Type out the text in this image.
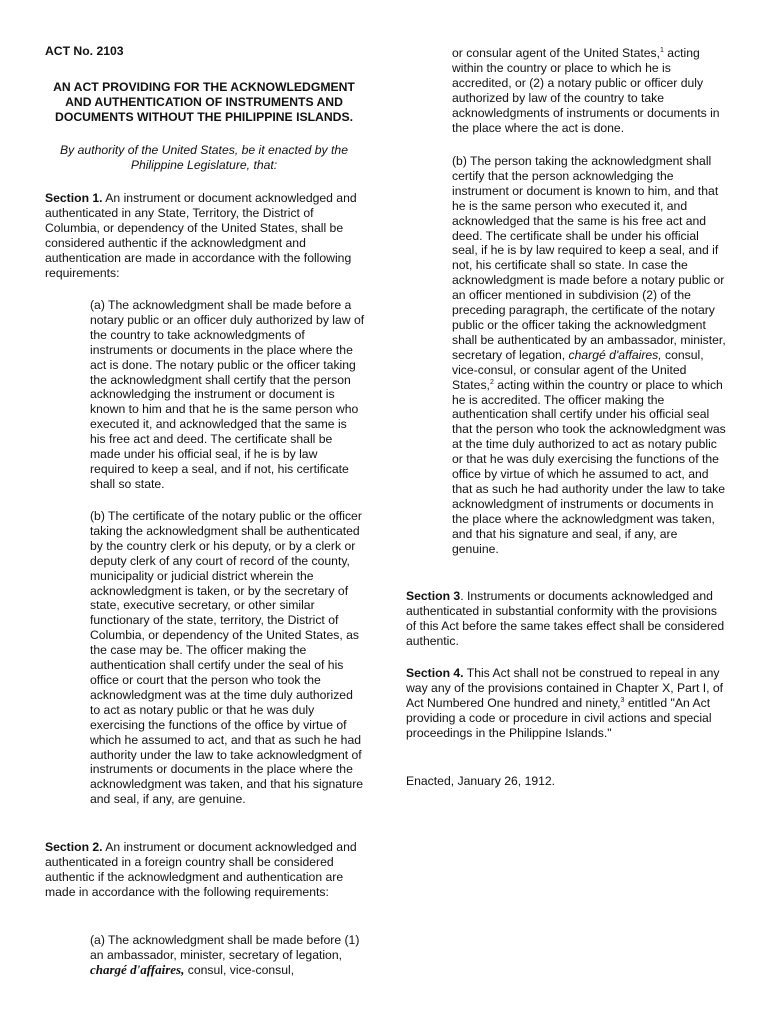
ACT No. 2103
AN ACT PROVIDING FOR THE ACKNOWLEDGMENT AND AUTHENTICATION OF INSTRUMENTS AND DOCUMENTS WITHOUT THE PHILIPPINE ISLANDS.
By authority of the United States, be it enacted by the Philippine Legislature, that:

Section 1. An instrument or document acknowledged and authenticated in any State, Territory, the District of Columbia, or dependency of the United States, shall be considered authentic if the acknowledgment and authentication are made in accordance with the following requirements:

(a) The acknowledgment shall be made before a notary public or an officer duly authorized by law of the country to take acknowledgments of instruments or documents in the place where the act is done. The notary public or the officer taking the acknowledgment shall certify that the person acknowledging the instrument or document is known to him and that he is the same person who executed it, and acknowledged that the same is his free act and deed. The certificate shall be made under his official seal, if he is by law required to keep a seal, and if not, his certificate shall so state.

(b) The certificate of the notary public or the officer taking the acknowledgment shall be authenticated by the country clerk or his deputy, or by a clerk or deputy clerk of any court of record of the county, municipality or judicial district wherein the acknowledgment is taken, or by the secretary of state, executive secretary, or other similar functionary of the state, territory, the District of Columbia, or dependency of the United States, as the case may be. The officer making the authentication shall certify under the seal of his office or court that the person who took the acknowledgment was at the time duly authorized to act as notary public or that he was duly exercising the functions of the office by virtue of which he assumed to act, and that as such he had authority under the law to take acknowledgment of instruments or documents in the place where the acknowledgment was taken, and that his signature and seal, if any, are genuine.

Section 2. An instrument or document acknowledged and authenticated in a foreign country shall be considered authentic if the acknowledgment and authentication are made in accordance with the following requirements:

(a) The acknowledgment shall be made before (1) an ambassador, minister, secretary of legation, chargé d'affaires, consul, vice-consul,

or consular agent of the United States,$^1$ acting within the country or place to which he is accredited, or (2) a notary public or officer duly authorized by law of the country to take acknowledgments of instruments or documents in the place where the act is done.

(b) The person taking the acknowledgment shall certify that the person acknowledging the instrument or document is known to him, and that he is the same person who executed it, and acknowledged that the same is his free act and deed. The certificate shall be under his official seal, if he is by law required to keep a seal, and if not, his certificate shall so state. In case the acknowledgment is made before a notary public or an officer mentioned in subdivision (2) of the preceding paragraph, the certificate of the notary public or the officer taking the acknowledgment shall be authenticated by an ambassador, minister, secretary of legation, chargé d'affaires, consul, vice-consul, or consular agent of the United States,$^2$ acting within the country or place to which he is accredited. The officer making the authentication shall certify under his official seal that the person who took the acknowledgment was at the time duly authorized to act as notary public or that he was duly exercising the functions of the office by virtue of which he assumed to act, and that as such he had authority under the law to take acknowledgment of instruments or documents in the place where the acknowledgment was taken, and that his signature and seal, if any, are genuine.

Section 3. Instruments or documents acknowledged and authenticated in substantial conformity with the provisions of this Act before the same takes effect shall be considered authentic.

Section 4. This Act shall not be construed to repeal in any way any of the provisions contained in Chapter X, Part I, of Act Numbered One hundred and ninety,$^3$ entitled "An Act providing a code or procedure in civil actions and special proceedings in the Philippine Islands."

Enacted, January 26, 1912.
